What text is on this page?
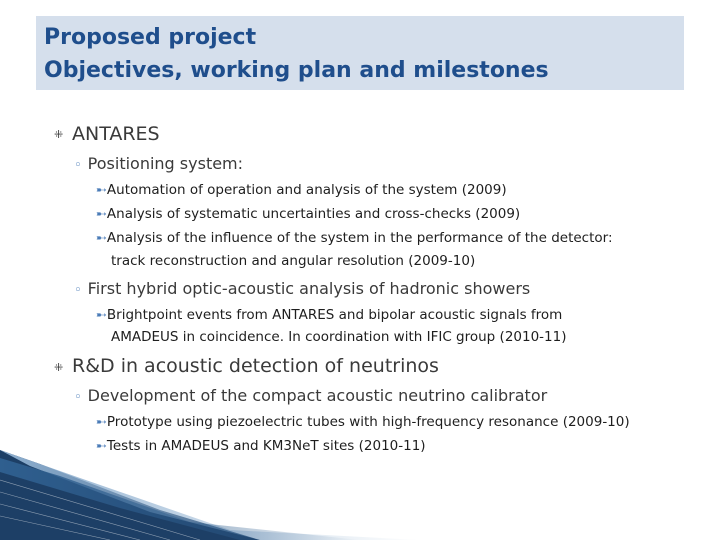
Proposed project
Objectives, working plan and milestones
⁜ ANTARES
◦ Positioning system:
➸Automation of operation and analysis of the system (2009)
➸Analysis of systematic uncertainties and cross-checks (2009)
➸Analysis of the influence of the system in the performance of the detector:
track reconstruction and angular resolution (2009-10)
◦ First hybrid optic-acoustic analysis of hadronic showers
➸Brightpoint events from ANTARES and bipolar acoustic signals from
AMADEUS in coincidence. In coordination with IFIC group (2010-11)
⁜ R&D in acoustic detection of neutrinos
◦ Development of the compact acoustic neutrino calibrator
➸Prototype using piezoelectric tubes with high-frequency resonance (2009-10)
➸Tests in AMADEUS and KM3NeT sites (2010-11)
